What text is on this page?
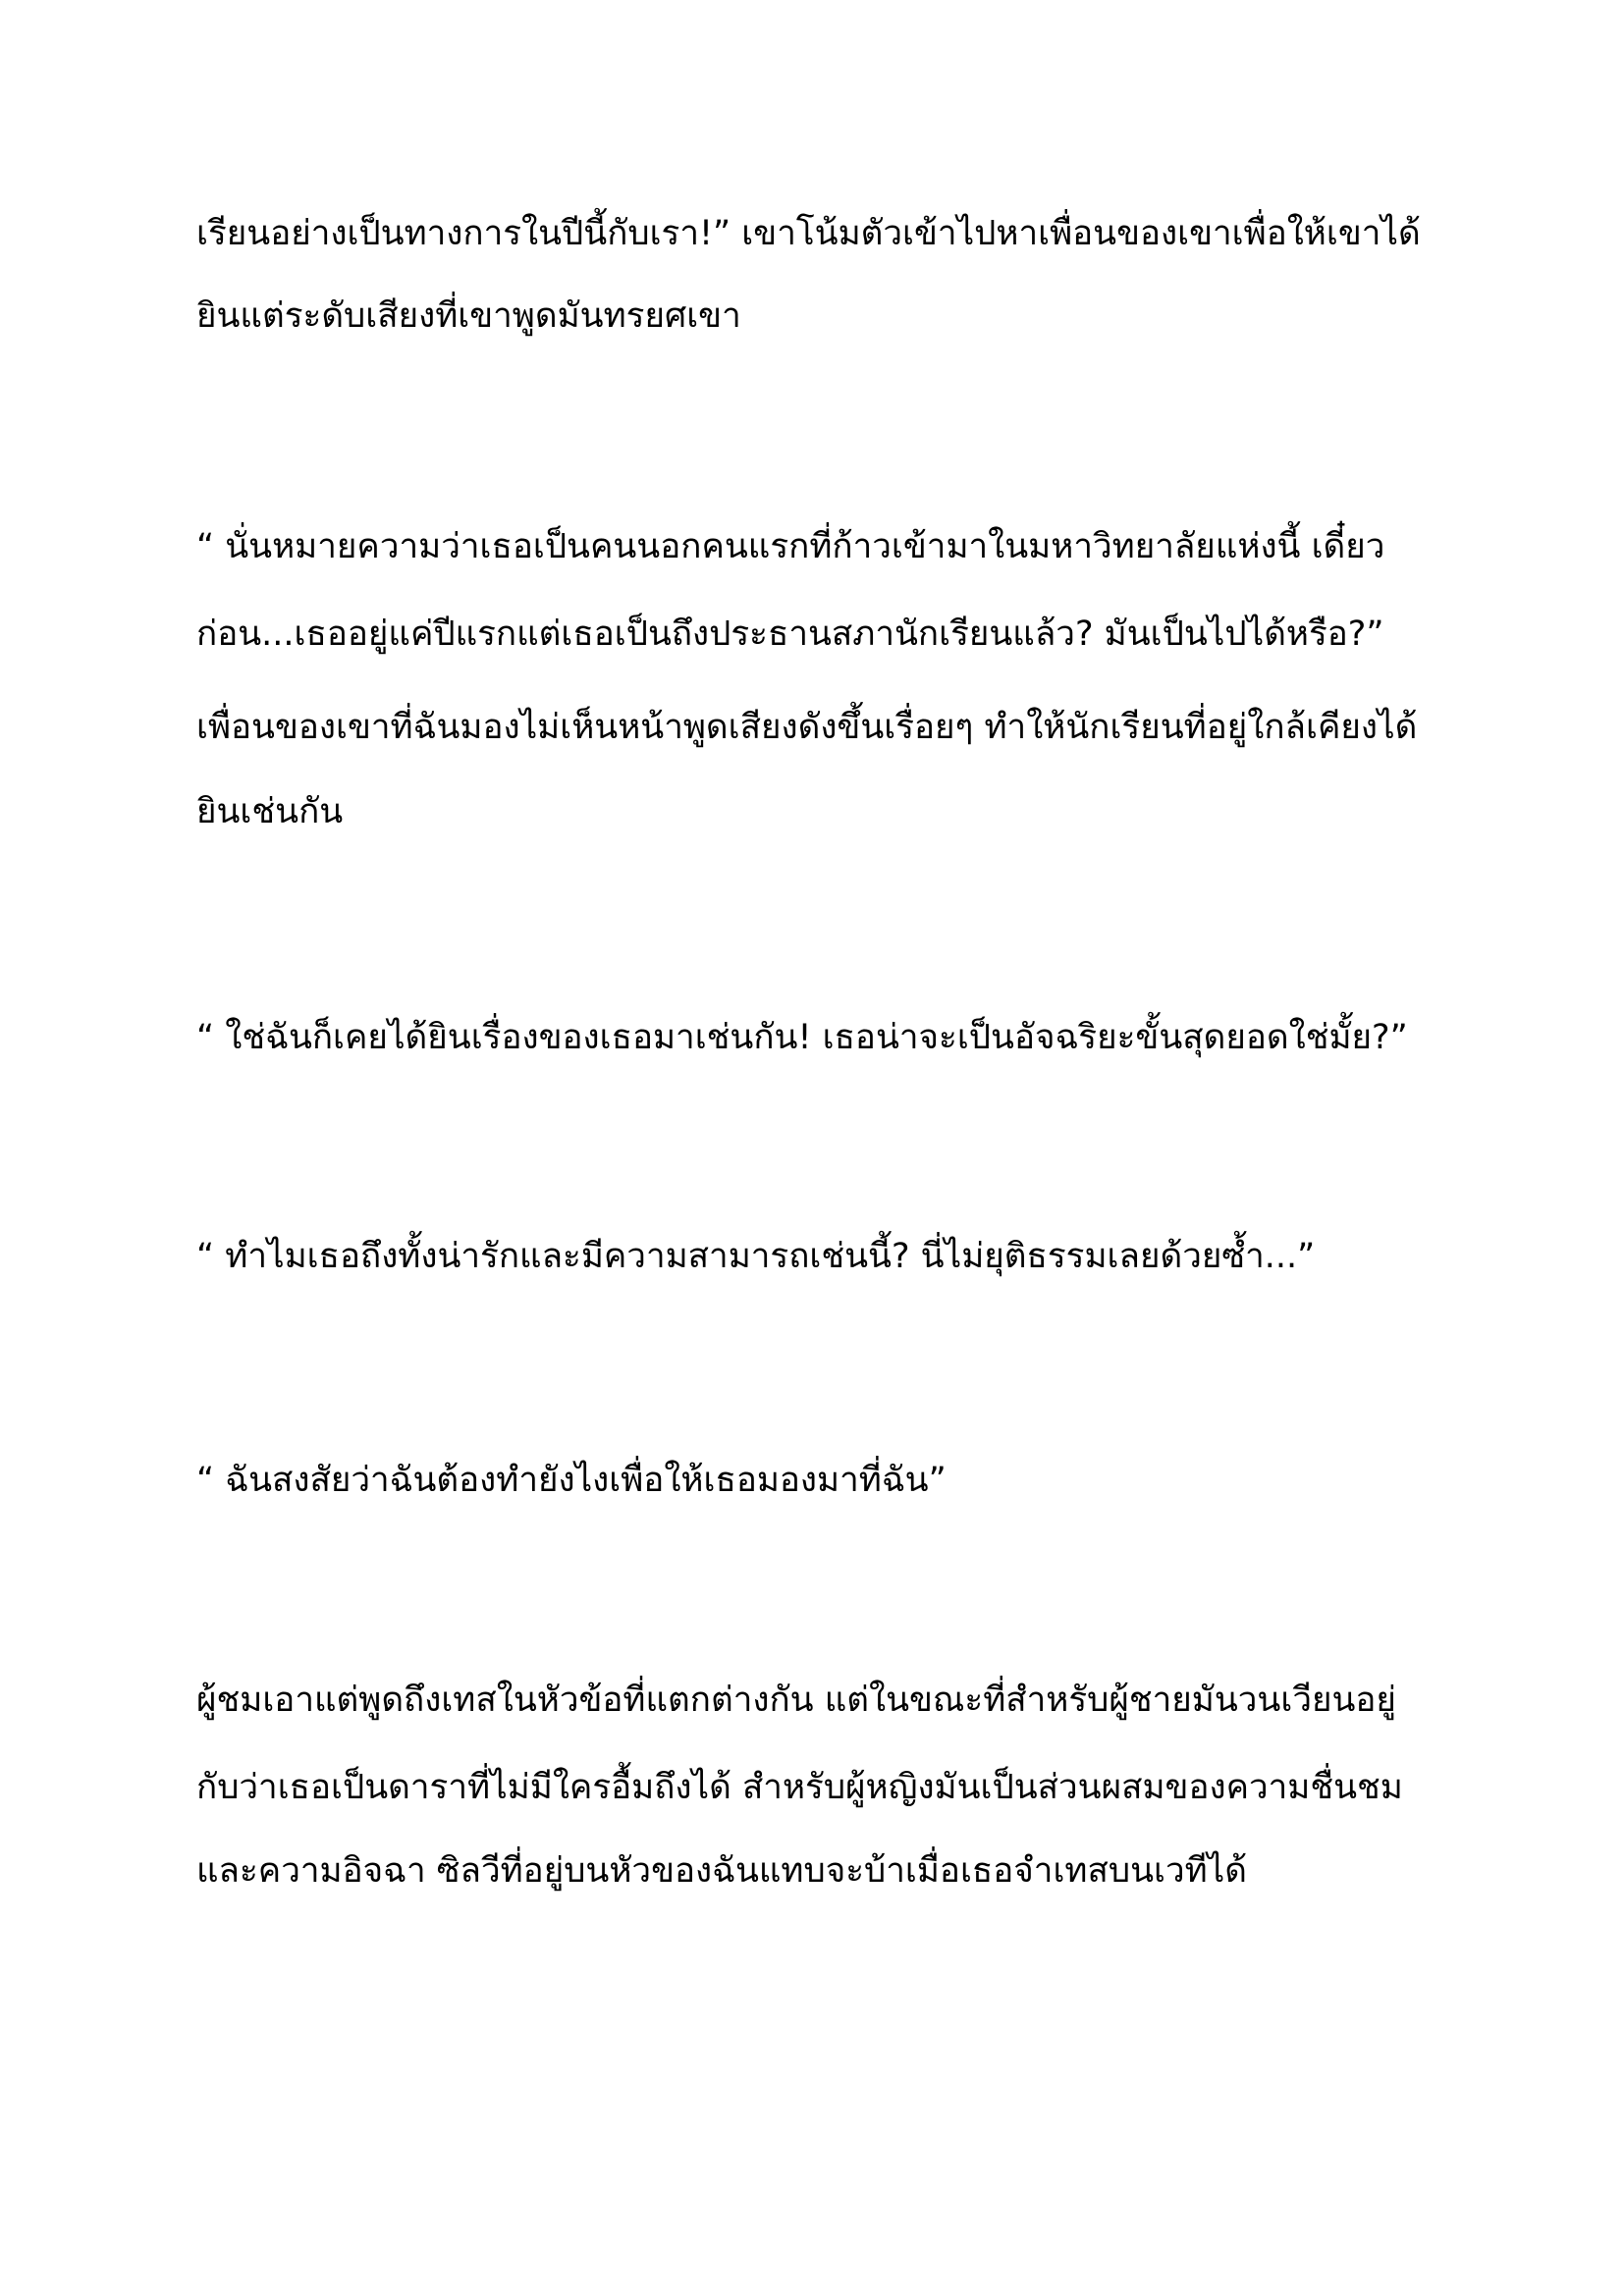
เรียนอย่างเป็นทางการในปีนี้กับเรา!” เขาโน้มตัวเข้าไปหาเพื่อนของเขาเพื่อให้เขาได้
ยินแต่ระดับเสียงที่เขาพูดมันทรยศเขา
“ นั่นหมายความว่าเธอเป็นคนนอกคนแรกที่ก้าวเข้ามาในมหาวิทยาลัยแห่งนี้ เดี๋ยว
ก่อน...เธออยู่แค่ปีแรกแต่เธอเป็นถึงประธานสภานักเรียนแล้ว? มันเป็นไปได้หรือ?”
เพื่อนของเขาที่ฉันมองไม่เห็นหน้าพูดเสียงดังขึ้นเรื่อยๆ ทำให้นักเรียนที่อยู่ใกล้เคียงได้
ยินเช่นกัน
“ ใช่ฉันก็เคยได้ยินเรื่องของเธอมาเช่นกัน! เธอน่าจะเป็นอัจฉริยะขั้นสุดยอดใช่มั้ย?”
“ ทำไมเธอถึงทั้งน่ารักและมีความสามารถเช่นนี้? นี่ไม่ยุติธรรมเลยด้วยซ้ำ...”
“ ฉันสงสัยว่าฉันต้องทำยังไงเพื่อให้เธอมองมาที่ฉัน”
ผู้ชมเอาแต่พูดถึงเทสในหัวข้อที่แตกต่างกัน แต่ในขณะที่สำหรับผู้ชายมันวนเวียนอยู่
กับว่าเธอเป็นดาราที่ไม่มีใครอื้มถึงได้ สำหรับผู้หญิงมันเป็นส่วนผสมของความชื่นชม
และความอิจฉา ซิลวีที่อยู่บนหัวของฉันแทบจะบ้าเมื่อเธอจำเทสบนเวทีได้
